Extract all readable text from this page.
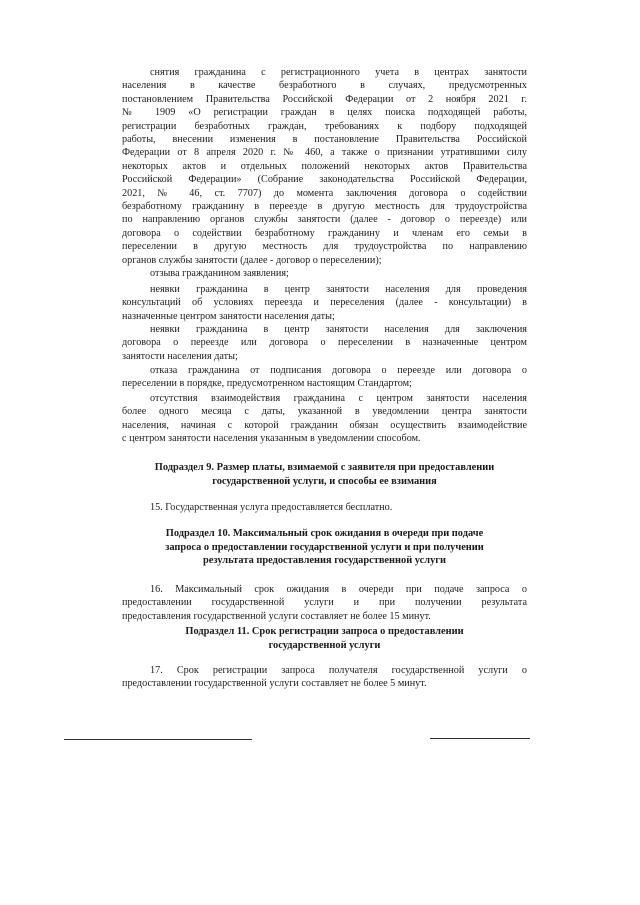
снятия гражданина с регистрационного учета в центрах занятости

населения в качестве безработного в случаях, предусмотренных

постановлением Правительства Российской Федерации от 2 ноября 2021 г.

№ 1909 «О регистрации граждан в целях поиска подходящей работы,

регистрации безработных граждан, требованиях к подбору подходящей

работы, внесении изменения в постановление Правительства Российской

Федерации от 8 апреля 2020 г. № 460, а также о признании утратившими силу

некоторых актов и отдельных положений некоторых актов Правительства

Российской Федерации» (Собрание законодательства Российской Федерации,

2021, № 46, ст. 7707) до момента заключения договора о содействии

безработному гражданину в переезде в другую местность для трудоустройства

по направлению органов службы занятости (далее - договор о переезде) или

договора о содействии безработному гражданину и членам его семьи в

переселении в другую местность для трудоустройства по направлению

органов службы занятости (далее - договор о переселении);

отзыва гражданином заявления;

неявки гражданина в центр занятости населения для проведения

консультаций об условиях переезда и переселения (далее - консультации) в

назначенные центром занятости населения даты;

неявки гражданина в центр занятости населения для заключения

договора о переезде или договора о переселении в назначенные центром

занятости населения даты;

отказа гражданина от подписания договора о переезде или договора о

переселении в порядке, предусмотренном настоящим Стандартом;

отсутствия взаимодействия гражданина с центром занятости населения

более одного месяца с даты, указанной в уведомлении центра занятости

населения, начиная с которой гражданин обязан осуществить взаимодействие

с центром занятости населения указанным в уведомлении способом.

Подраздел 9. Размер платы, взимаемой с заявителя при предоставлении
государственной услуги, и способы ее взимания

15. Государственная услуга предоставляется бесплатно.

Подраздел 10. Максимальный срок ожидания в очереди при подаче
запроса о предоставлении государственной услуги и при получении
результата предоставления государственной услуги

16. Максимальный срок ожидания в очереди при подаче запроса о

предоставлении государственной услуги и при получении результата

предоставления государственной услуги составляет не более 15 минут.

Подраздел 11. Срок регистрации запроса о предоставлении
государственной услуги

17. Срок регистрации запроса получателя государственной услуги о

предоставлении государственной услуги составляет не более 5 минут.
